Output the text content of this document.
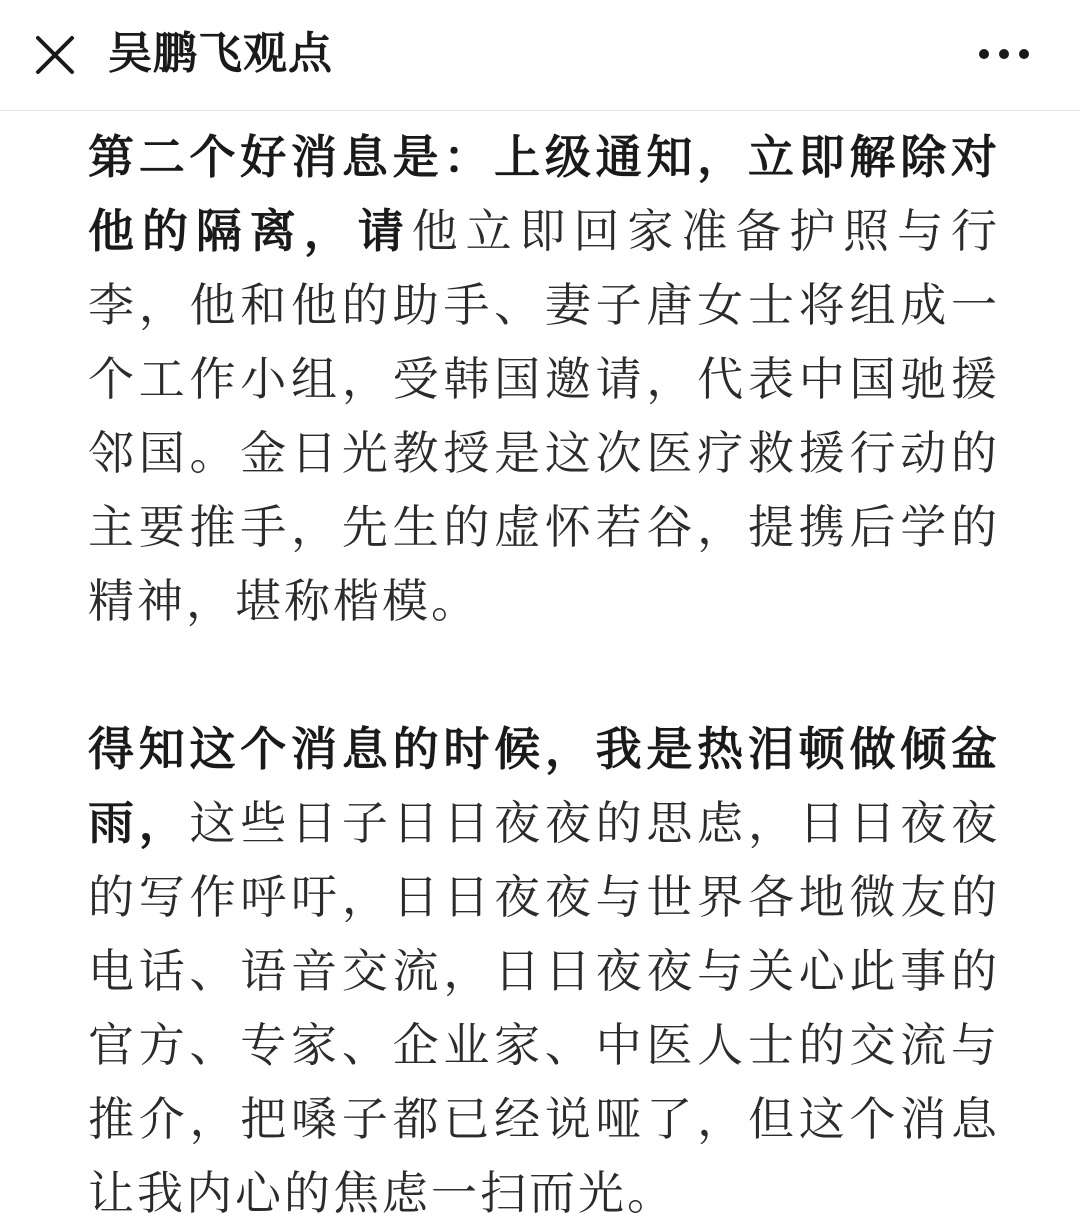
吴鹏飞观点

第二个好消息是：上级通知，立即解除对他的隔离，请他立即回家准备护照与行李，他和他的助手、妻子唐女士将组成一个工作小组，受韩国邀请，代表中国驰援邻国。金日光教授是这次医疗救援行动的主要推手，先生的虚怀若谷，提携后学的精神，堪称楷模。

得知这个消息的时候，我是热泪顿做倾盆雨，这些日子日日夜夜的思虑，日日夜夜的写作呼吁，日日夜夜与世界各地微友的电话、语音交流，日日夜夜与关心此事的官方、专家、企业家、中医人士的交流与推介，把嗓子都已经说哑了，但这个消息让我内心的焦虑一扫而光。
